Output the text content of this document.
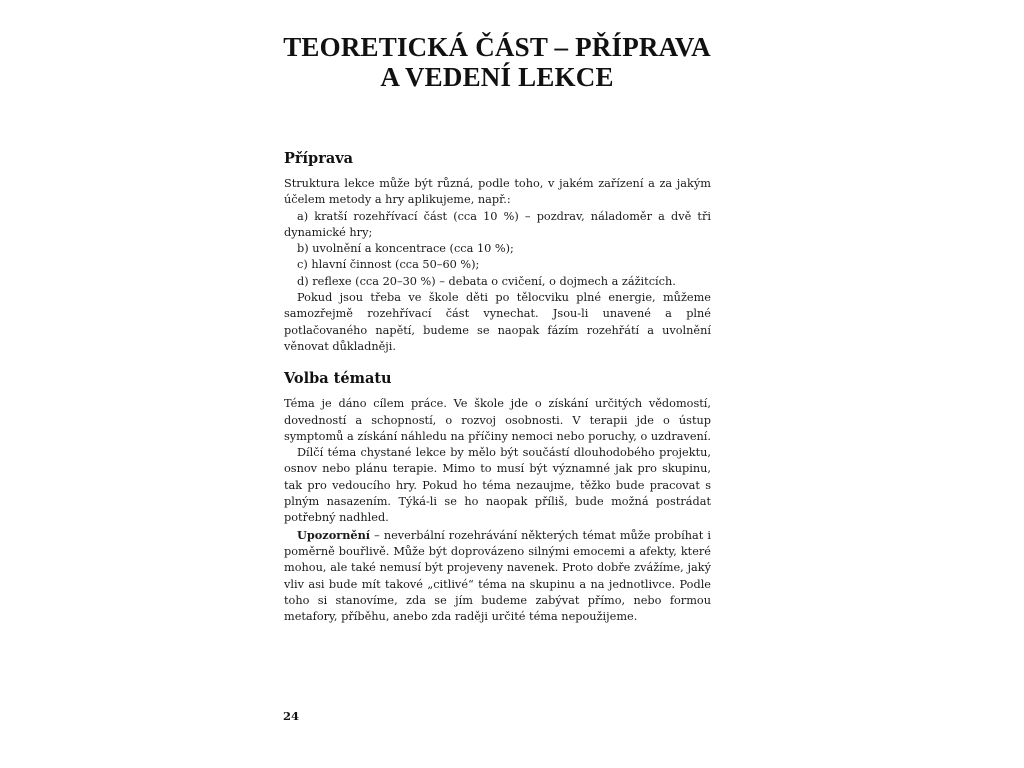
TEORETICKÁ ČÁST – PŘÍPRAVA
A VEDENÍ LEKCE
Příprava

Struktura lekce může být různá, podle toho, v jakém zařízení a za jakým účelem metody a hry aplikujeme, např.:

a) kratší rozehřívací část (cca 10 %) – pozdrav, náladoměr a dvě tři dynamické hry;

b) uvolnění a koncentrace (cca 10 %);

c) hlavní činnost (cca 50–60 %);

d) reflexe (cca 20–30 %) – debata o cvičení, o dojmech a zážitcích.

Pokud jsou třeba ve škole děti po tělocviku plné energie, můžeme samozřejmě rozehřívací část vynechat. Jsou-li unavené a plné potlačovaného napětí, budeme se naopak fázím rozehřátí a uvolnění věnovat důkladněji.

Volba tématu

Téma je dáno cílem práce. Ve škole jde o získání určitých vědomostí, dovedností a schopností, o rozvoj osobnosti. V terapii jde o ústup symptomů a získání náhledu na příčiny nemoci nebo poruchy, o uzdravení.

Dílčí téma chystané lekce by mělo být součástí dlouhodobého projektu, osnov nebo plánu terapie. Mimo to musí být významné jak pro skupinu, tak pro vedoucího hry. Pokud ho téma nezaujme, těžko bude pracovat s plným nasazením. Týká-li se ho naopak příliš, bude možná postrádat potřebný nadhled.

Upozornění – neverbální rozehrávání některých témat může probíhat i poměrně bouřlivě. Může být doprovázeno silnými emocemi a afekty, které mohou, ale také nemusí být projeveny navenek. Proto dobře zvážíme, jaký vliv asi bude mít takové „citlivé“ téma na skupinu a na jednotlivce. Podle toho si stanovíme, zda se jím budeme zabývat přímo, nebo formou metafory, příběhu, anebo zda raději určité téma nepoužijeme.

24
